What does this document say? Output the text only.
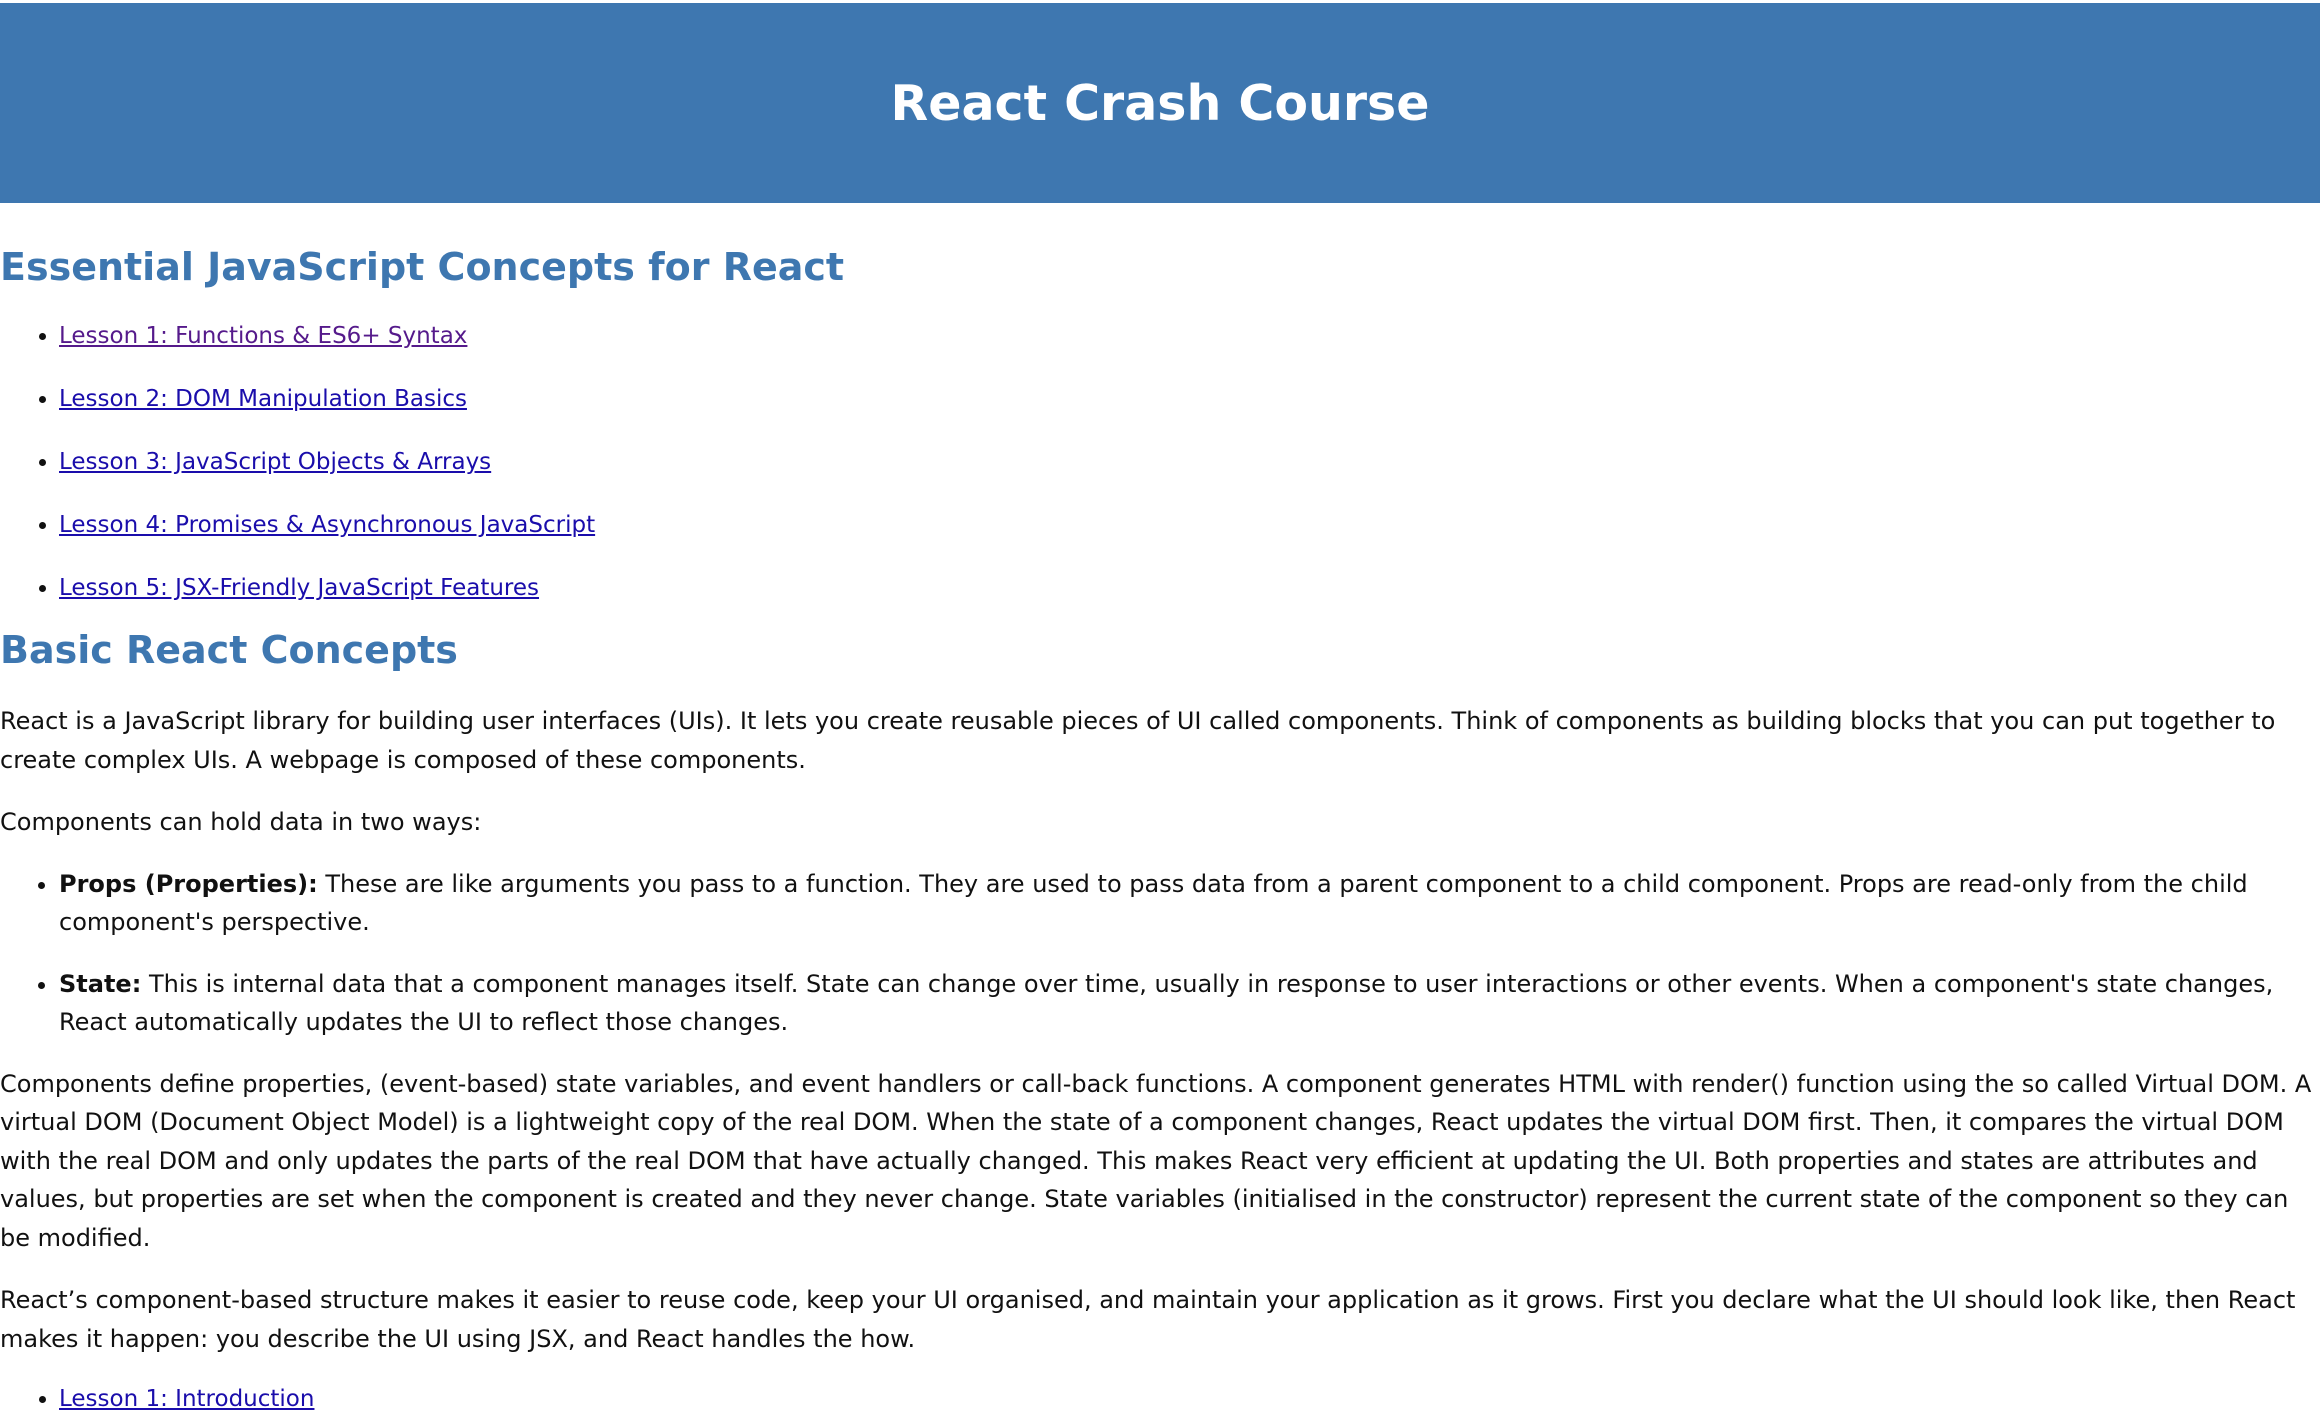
React Crash Course
Essential JavaScript Concepts for React
• Lesson 1: Functions & ES6+ Syntax
• Lesson 2: DOM Manipulation Basics
• Lesson 3: JavaScript Objects & Arrays
• Lesson 4: Promises & Asynchronous JavaScript
• Lesson 5: JSX-Friendly JavaScript Features
Basic React Concepts

React is a JavaScript library for building user interfaces (UIs). It lets you create reusable pieces of UI called components. Think of components as building blocks that you can put together to create complex UIs. A webpage is composed of these components.

Components can hold data in two ways:

• Props (Properties): These are like arguments you pass to a function. They are used to pass data from a parent component to a child component. Props are read-only from the child component's perspective.
• State: This is internal data that a component manages itself. State can change over time, usually in response to user interactions or other events. When a component's state changes, React automatically updates the UI to reflect those changes.

Components define properties, (event-based) state variables, and event handlers or call-back functions. A component generates HTML with render() function using the so called Virtual DOM. A virtual DOM (Document Object Model) is a lightweight copy of the real DOM. When the state of a component changes, React updates the virtual DOM first. Then, it compares the virtual DOM with the real DOM and only updates the parts of the real DOM that have actually changed. This makes React very efficient at updating the UI. Both properties and states are attributes and values, but properties are set when the component is created and they never change. State variables (initialised in the constructor) represent the current state of the component so they can be modified.

React’s component-based structure makes it easier to reuse code, keep your UI organised, and maintain your application as it grows. First you declare what the UI should look like, then React makes it happen: you describe the UI using JSX, and React handles the how.

• Lesson 1: Introduction
